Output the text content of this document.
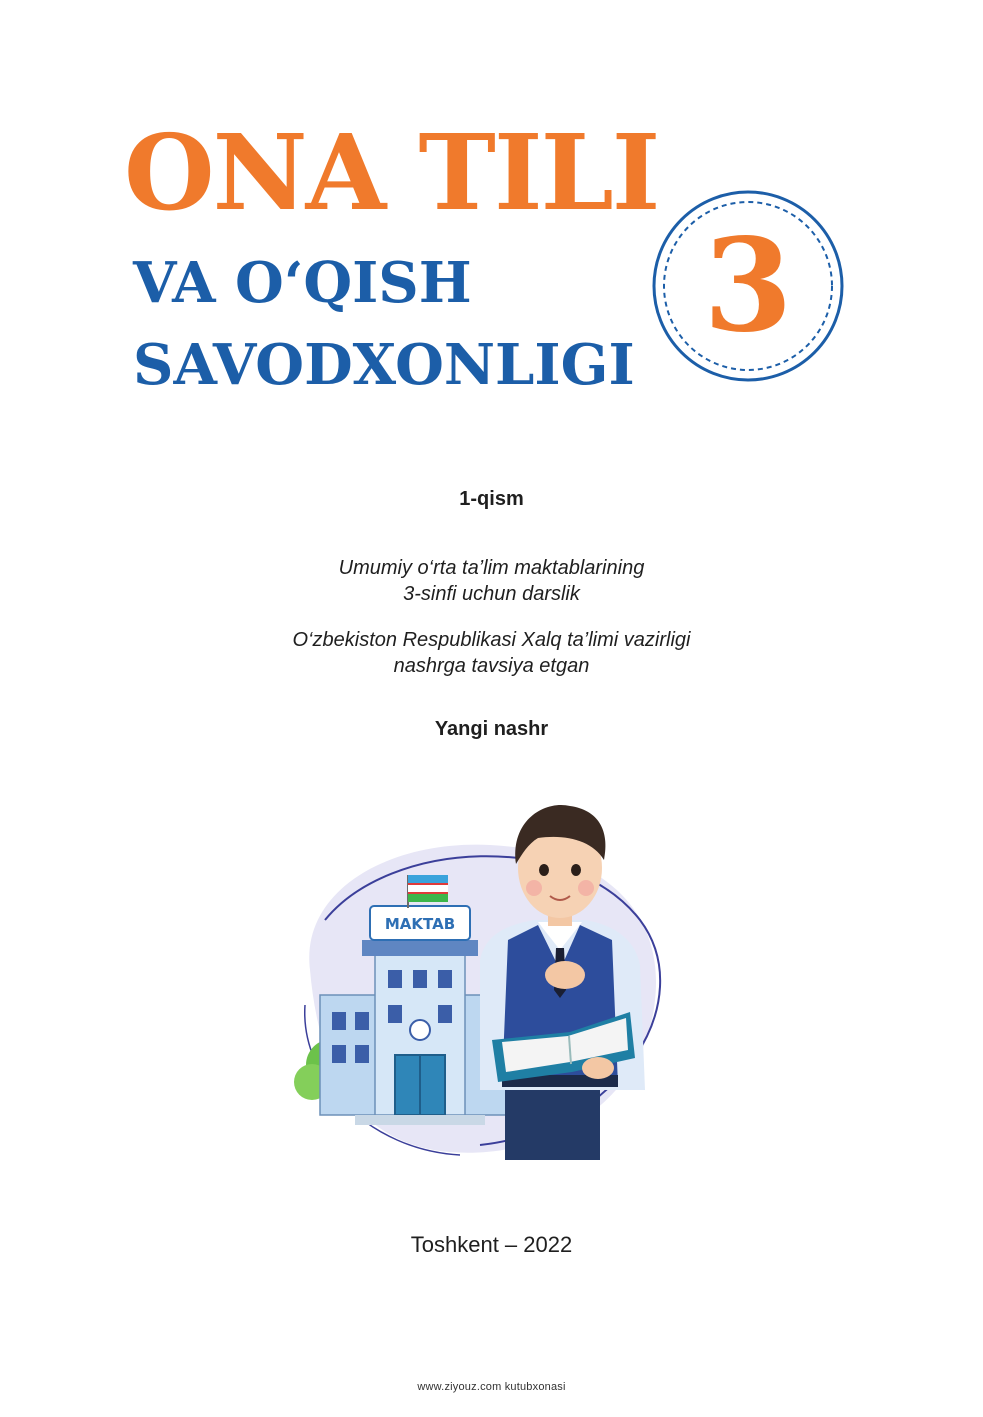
ONA TILI
VA O‘QISH
SAVODXONLIGI
3
1-qism
Umumiy o‘rta ta’lim maktablarining
3-sinfi uchun darslik
O‘zbekiston Respublikasi Xalq ta’limi vazirligi
nashrga tavsiya etgan
Yangi nashr
MAKTAB
Toshkent – 2022
www.ziyouz.com kutubxonasi
